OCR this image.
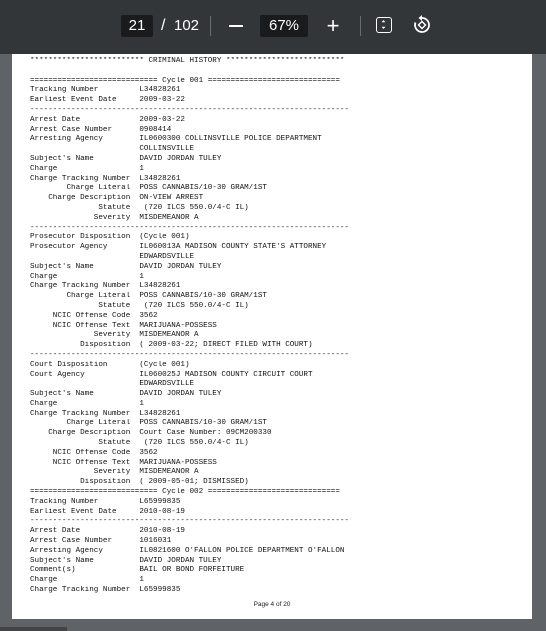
21 / 102	67%	+
************************* CRIMINAL HISTORY **************************
============================ Cycle 001 =============================
Tracking Number         L34828261
Earliest Event Date     2009-03-22
----------------------------------------------------------------------
Arrest Date             2009-03-22
Arrest Case Number      0908414
Arresting Agency        IL0600300 COLLINSVILLE POLICE DEPARTMENT
COLLINSVILLE
Subject's Name          DAVID JORDAN TULEY
Charge                  1
Charge Tracking Number  L34828261
Charge Literal  POSS CANNABIS/10-30 GRAM/1ST
Charge Description  ON-VIEW ARREST
Statute   (720 ILCS 550.0/4-C IL)
Severity  MISDEMEANOR A
----------------------------------------------------------------------
Prosecutor Disposition  (Cycle 001)
Prosecutor Agency       IL060013A MADISON COUNTY STATE'S ATTORNEY
EDWARDSVILLE
Subject's Name          DAVID JORDAN TULEY
Charge                  1
Charge Tracking Number  L34828261
Charge Literal  POSS CANNABIS/10-30 GRAM/1ST
Statute   (720 ILCS 550.0/4-C IL)
NCIC Offense Code  3562
NCIC Offense Text  MARIJUANA-POSSESS
Severity  MISDEMEANOR A
Disposition  ( 2009-03-22; DIRECT FILED WITH COURT)
----------------------------------------------------------------------
Court Disposition       (Cycle 001)
Court Agency            IL060025J MADISON COUNTY CIRCUIT COURT
EDWARDSVILLE
Subject's Name          DAVID JORDAN TULEY
Charge                  1
Charge Tracking Number  L34828261
Charge Literal  POSS CANNABIS/10-30 GRAM/1ST
Charge Description  Court Case Number: 09CM200330
Statute   (720 ILCS 550.0/4-C IL)
NCIC Offense Code  3562
NCIC Offense Text  MARIJUANA-POSSESS
Severity  MISDEMEANOR A
Disposition  ( 2009-05-01; DISMISSED)
============================ Cycle 002 =============================
Tracking Number         L65999835
Earliest Event Date     2010-08-19
----------------------------------------------------------------------
Arrest Date             2010-08-19
Arrest Case Number      1016031
Arresting Agency        IL0821600 O'FALLON POLICE DEPARTMENT O'FALLON
Subject's Name          DAVID JORDAN TULEY
Comment(s)              BAIL OR BOND FORFEITURE
Charge                  1
Charge Tracking Number  L65999835
Page 4 of 20
